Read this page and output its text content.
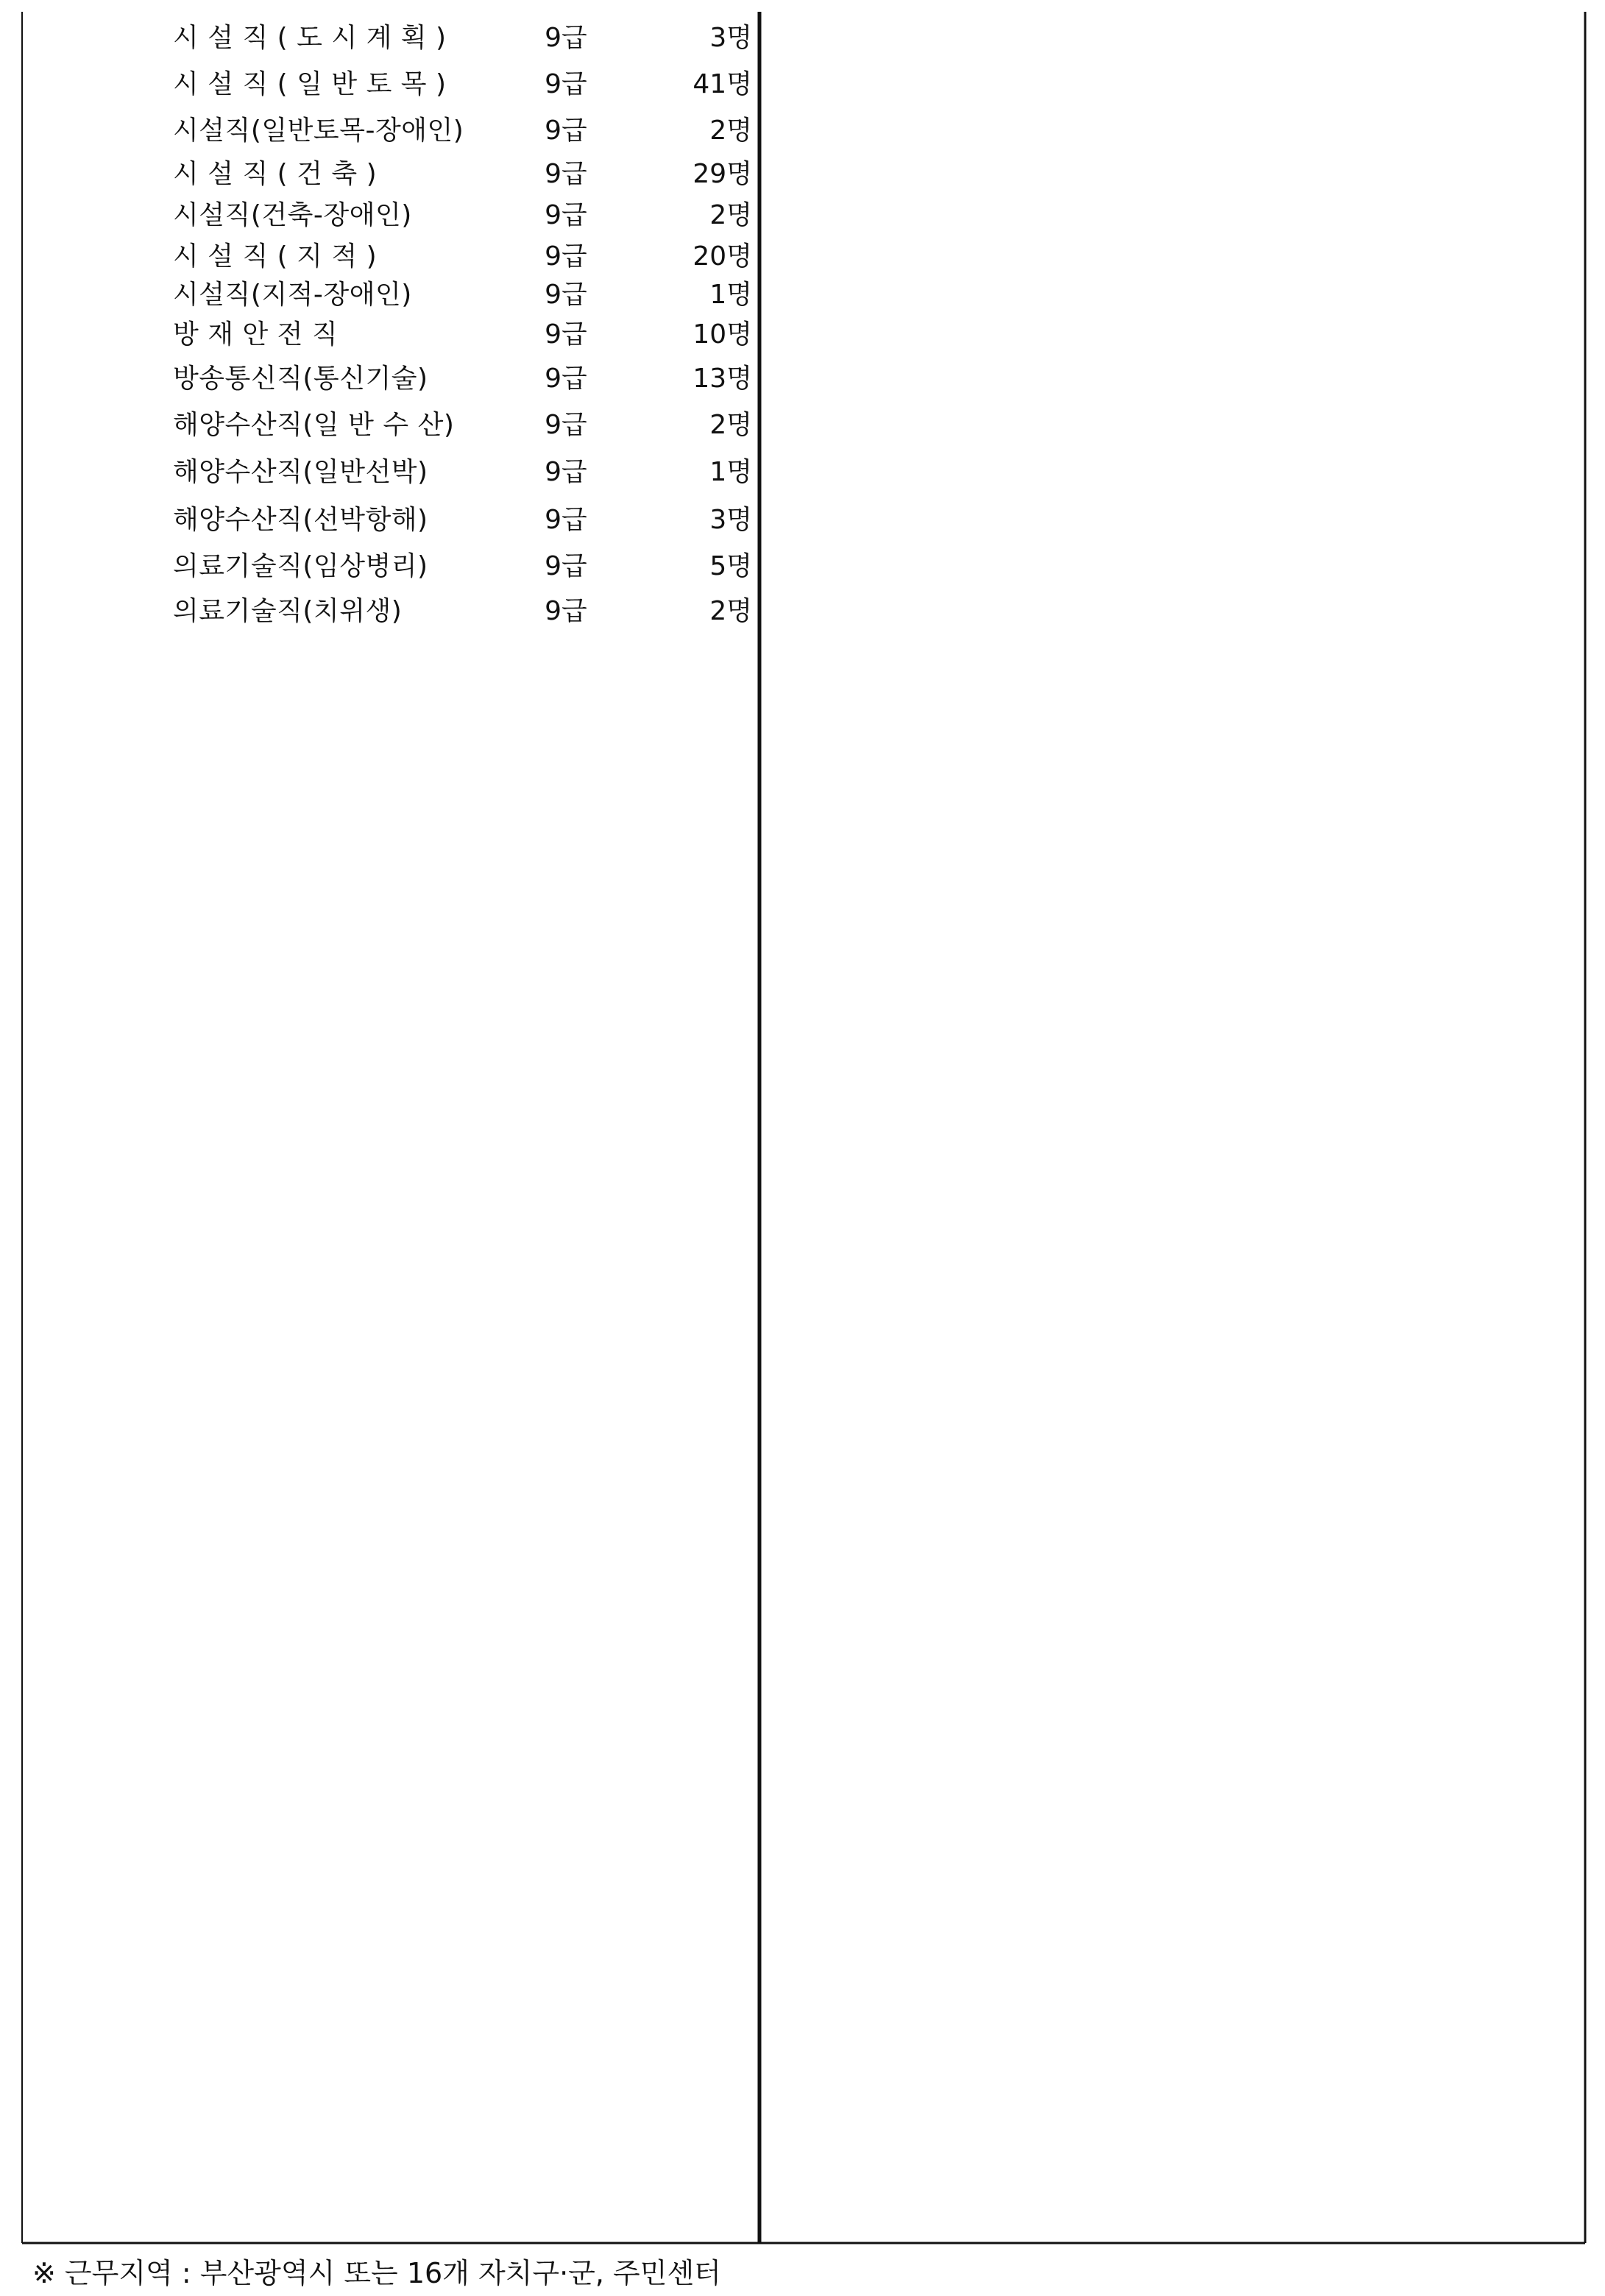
시 설 직 ( 도 시 계 획 )	9급	3명
시 설 직 ( 일 반 토 목 )	9급	41명
시설직(일반토목-장애인)	9급	2명
시 설 직 ( 건 축 )	9급	29명
시설직(건축-장애인)	9급	2명
시 설 직 ( 지 적 )	9급	20명
시설직(지적-장애인)	9급	1명
방 재 안 전 직	9급	10명
방송통신직(통신기술)	9급	13명
해양수산직(일 반 수 산)	9급	2명
해양수산직(일반선박)	9급	1명
해양수산직(선박항해)	9급	3명
의료기술직(임상병리)	9급	5명
의료기술직(치위생)	9급	2명
※ 근무지역 : 부산광역시 또는 16개 자치구·군, 주민센터
